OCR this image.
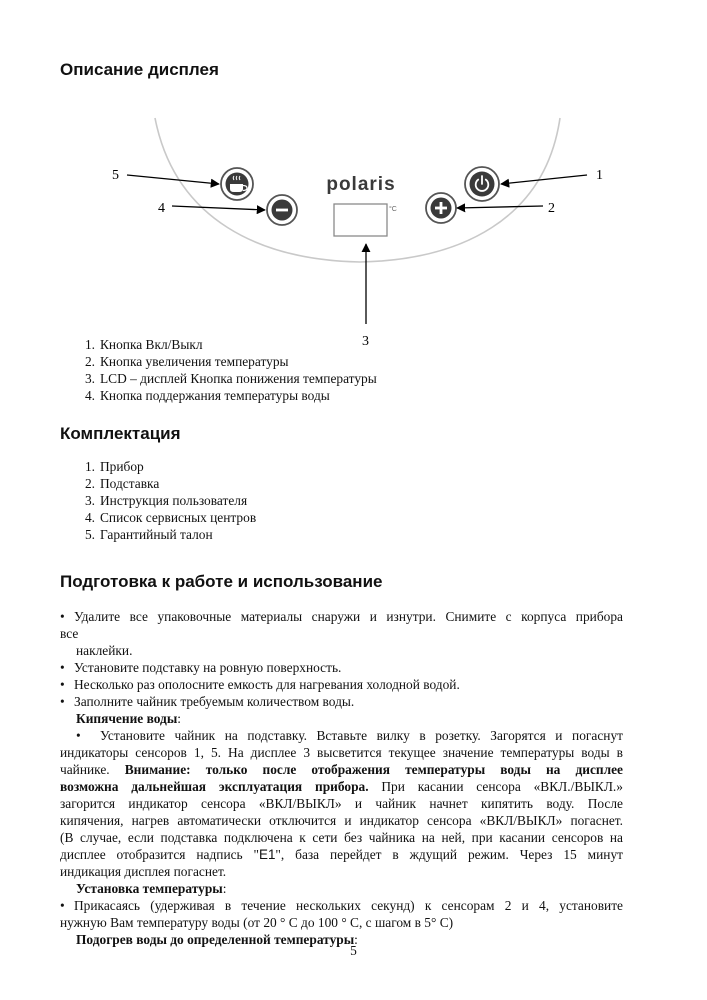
Описание дисплея
polaris
°C
5
4	2
1
3
1. Кнопка Вкл/Выкл
2. Кнопка увеличения температуры
3. LCD – дисплей Кнопка понижения температуры
4. Кнопка поддержания температуры воды
Комплектация
1. Прибор
2. Подставка
3. Инструкция пользователя
4. Список сервисных центров
5. Гарантийный талон
Подготовка к работе и использование
• Удалите все упаковочные материалы снаружи и изнутри. Снимите с корпуса прибора
все
наклейки.
• Установите подставку на ровную поверхность.
• Несколько раз ополосните емкость для нагревания холодной водой.
• Заполните чайник требуемым количеством воды.
Кипячение воды:
• Установите чайник на подставку. Вставьте вилку в розетку. Загорятся и погаснут
индикаторы сенсоров 1, 5. На дисплее 3 высветится текущее значение температуры воды в
чайнике. Внимание: только после отображения температуры воды на дисплее
возможна дальнейшая эксплуатация прибора. При касании сенсора «ВКЛ./ВЫКЛ.»
загорится индикатор сенсора «ВКЛ/ВЫКЛ» и чайник начнет кипятить воду. После
кипячения, нагрев автоматически отключится и индикатор сенсора «ВКЛ/ВЫКЛ» погаснет.
(В случае, если подставка подключена к сети без чайника на ней, при касании сенсоров на
дисплее отобразится надпись "E1", база перейдет в ждущий режим. Через 15 минут
индикация дисплея погаснет.
Установка температуры:
• Прикасаясь (удерживая в течение нескольких секунд) к сенсорам 2 и 4, установите
нужную Вам температуру воды (от 20 ° С до 100 ° С, с шагом в 5° С)
Подогрев воды до определенной температуры:
5
